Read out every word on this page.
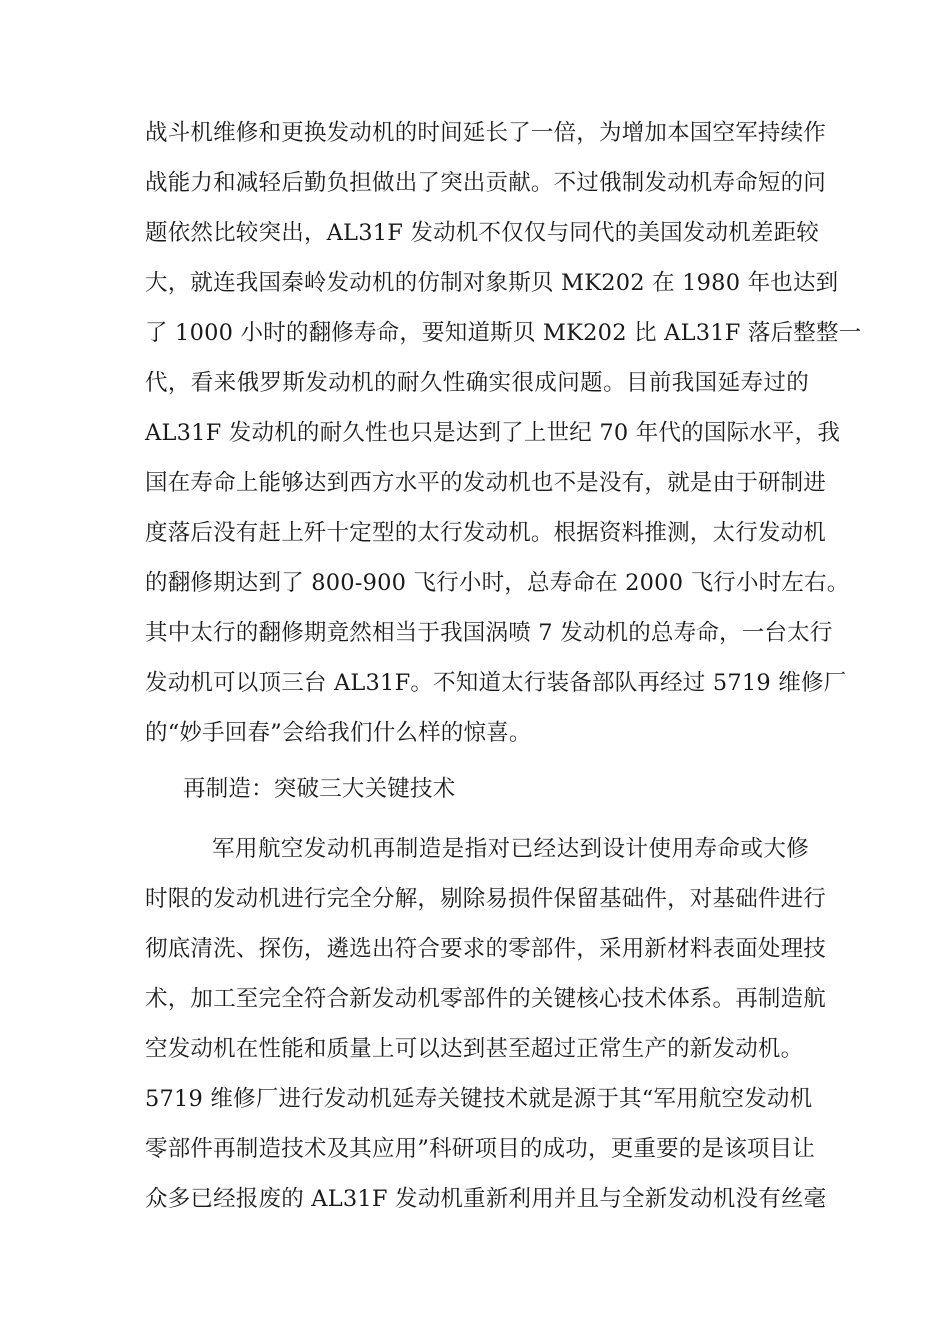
战斗机维修和更换发动机的时间延长了一倍，为增加本国空军持续作
战能力和减轻后勤负担做出了突出贡献。不过俄制发动机寿命短的问
题依然比较突出，AL31F 发动机不仅仅与同代的美国发动机差距较
大，就连我国秦岭发动机的仿制对象斯贝 MK202 在 1980 年也达到
了 1000 小时的翻修寿命，要知道斯贝 MK202 比 AL31F 落后整整一
代，看来俄罗斯发动机的耐久性确实很成问题。目前我国延寿过的
AL31F 发动机的耐久性也只是达到了上世纪 70 年代的国际水平，我
国在寿命上能够达到西方水平的发动机也不是没有，就是由于研制进
度落后没有赶上歼十定型的太行发动机。根据资料推测，太行发动机
的翻修期达到了 800-900 飞行小时，总寿命在 2000 飞行小时左右。
其中太行的翻修期竟然相当于我国涡喷 7 发动机的总寿命，一台太行
发动机可以顶三台 AL31F。不知道太行装备部队再经过 5719 维修厂
的“妙手回春”会给我们什么样的惊喜。
再制造：突破三大关键技术
军用航空发动机再制造是指对已经达到设计使用寿命或大修
时限的发动机进行完全分解，剔除易损件保留基础件，对基础件进行
彻底清洗、探伤，遴选出符合要求的零部件，采用新材料表面处理技
术，加工至完全符合新发动机零部件的关键核心技术体系。再制造航
空发动机在性能和质量上可以达到甚至超过正常生产的新发动机。
5719 维修厂进行发动机延寿关键技术就是源于其“军用航空发动机
零部件再制造技术及其应用”科研项目的成功，更重要的是该项目让
众多已经报废的 AL31F 发动机重新利用并且与全新发动机没有丝毫
